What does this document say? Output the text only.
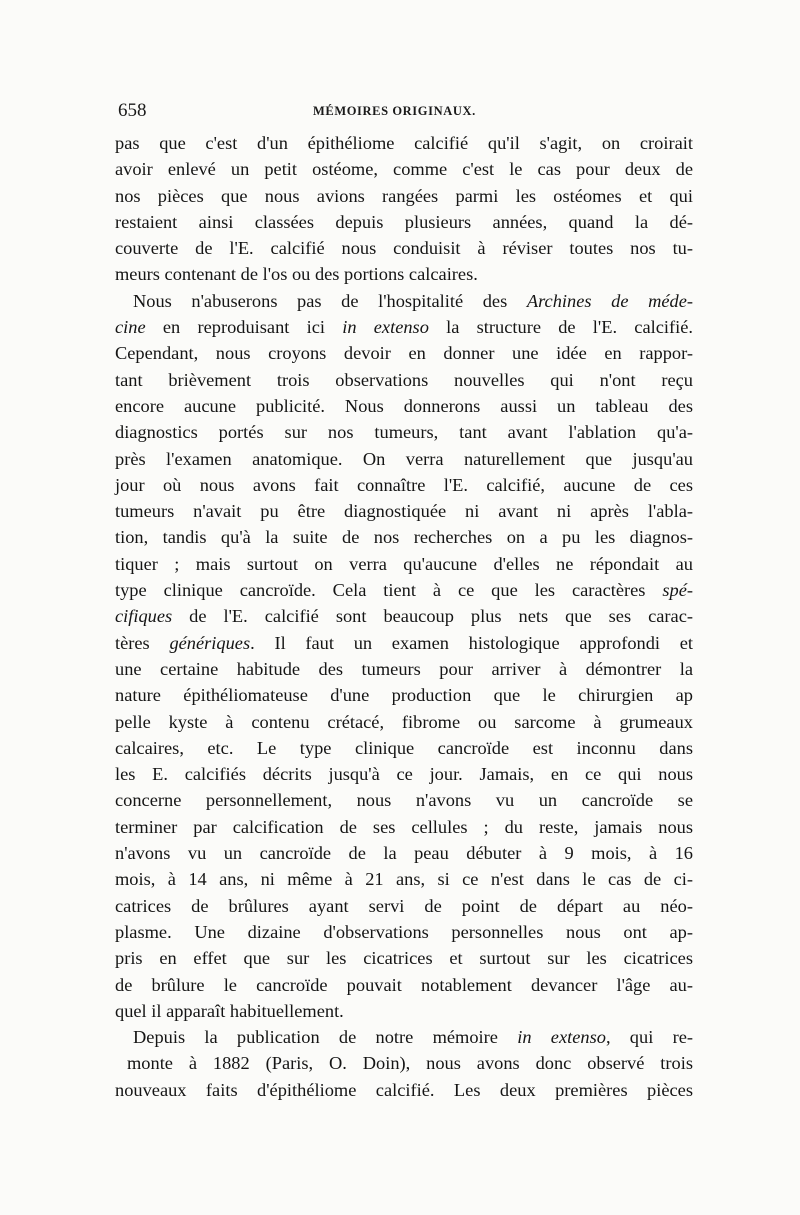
658	MÉMOIRES ORIGINAUX.
pas que c'est d'un épithéliome calcifié qu'il s'agit, on croirait
avoir enlevé un petit ostéome, comme c'est le cas pour deux de
nos pièces que nous avions rangées parmi les ostéomes et qui
restaient ainsi classées depuis plusieurs années, quand la dé-
couverte de l'E. calcifié nous conduisit à réviser toutes nos tu-
meurs contenant de l'os ou des portions calcaires.
Nous n'abuserons pas de l'hospitalité des Archines de méde-
cine en reproduisant ici in extenso la structure de l'E. calcifié.
Cependant, nous croyons devoir en donner une idée en rappor-
tant brièvement trois observations nouvelles qui n'ont reçu
encore aucune publicité. Nous donnerons aussi un tableau des
diagnostics portés sur nos tumeurs, tant avant l'ablation qu'a-
près l'examen anatomique. On verra naturellement que jusqu'au
jour où nous avons fait connaître l'E. calcifié, aucune de ces
tumeurs n'avait pu être diagnostiquée ni avant ni après l'abla-
tion, tandis qu'à la suite de nos recherches on a pu les diagnos-
tiquer ; mais surtout on verra qu'aucune d'elles ne répondait au
type clinique cancroïde. Cela tient à ce que les caractères spé-
cifiques de l'E. calcifié sont beaucoup plus nets que ses carac-
tères génériques. Il faut un examen histologique approfondi et
une certaine habitude des tumeurs pour arriver à démontrer la
nature épithéliomateuse d'une production que le chirurgien ap
pelle kyste à contenu crétacé, fibrome ou sarcome à grumeaux
calcaires, etc. Le type clinique cancroïde est inconnu dans
les E. calcifiés décrits jusqu'à ce jour. Jamais, en ce qui nous
concerne personnellement, nous n'avons vu un cancroïde se
terminer par calcification de ses cellules ; du reste, jamais nous
n'avons vu un cancroïde de la peau débuter à 9 mois, à 16
mois, à 14 ans, ni même à 21 ans, si ce n'est dans le cas de ci-
catrices de brûlures ayant servi de point de départ au néo-
plasme. Une dizaine d'observations personnelles nous ont ap-
pris en effet que sur les cicatrices et surtout sur les cicatrices
de brûlure le cancroïde pouvait notablement devancer l'âge au-
quel il apparaît habituellement.
Depuis la publication de notre mémoire in extenso, qui re-
monte à 1882 (Paris, O. Doin), nous avons donc observé trois
nouveaux faits d'épithéliome calcifié. Les deux premières pièces
